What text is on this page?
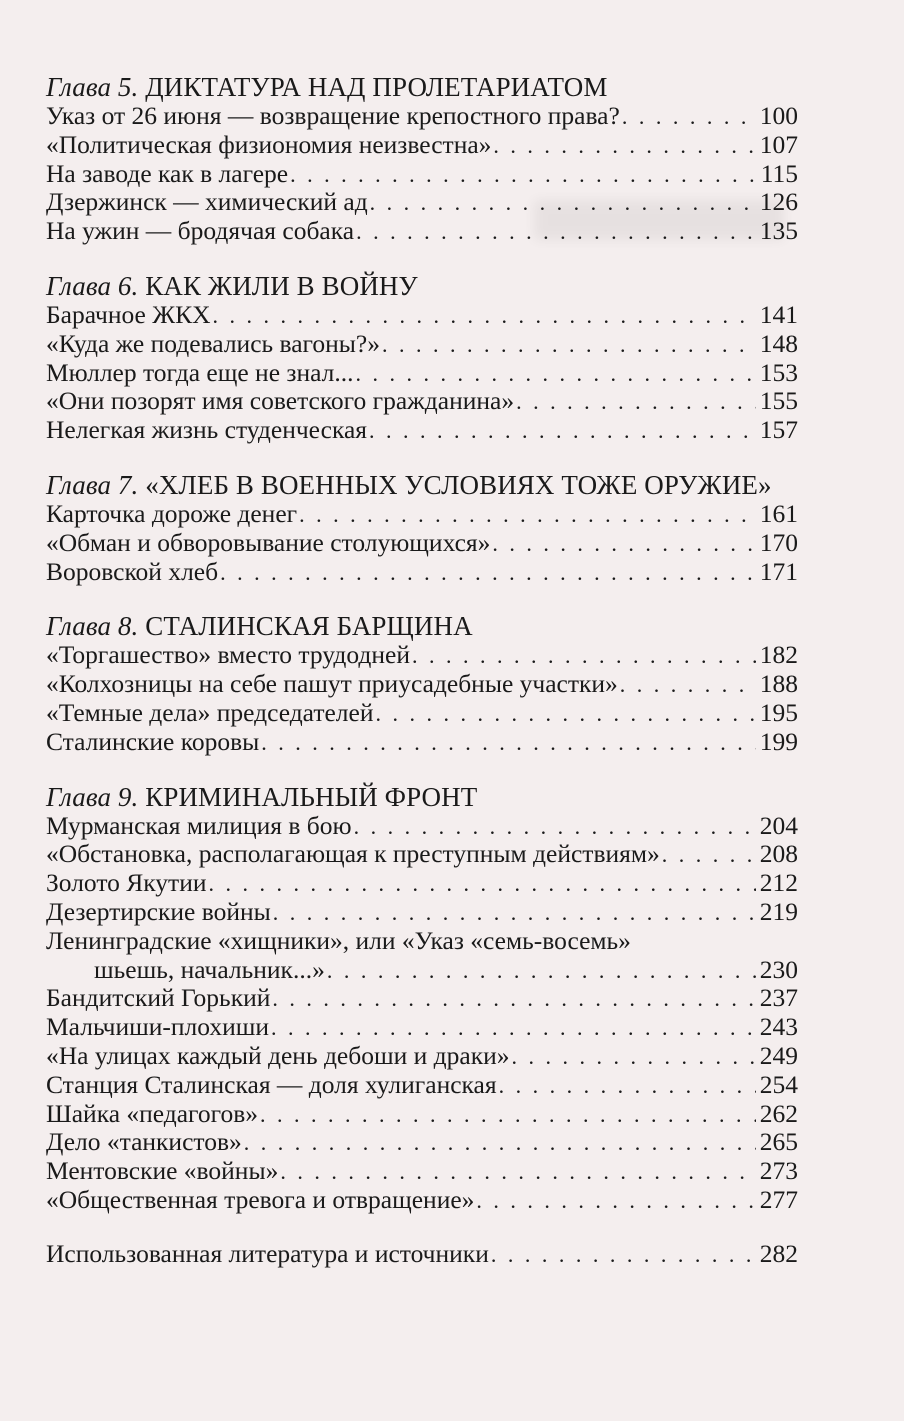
Глава 5. ДИКТАТУРА НАД ПРОЛЕТАРИАТОМ
Указ от 26 июня — возвращение крепостного права? . . .	100
«Политическая физиономия неизвестна» . . .	107
На заводе как в лагере . . .	115
Дзержинск — химический ад . . .	126
На ужин — бродячая собака . . .	135
Глава 6. КАК ЖИЛИ В ВОЙНУ
Барачное ЖКХ . . .	141
«Куда же подевались вагоны?» . . .	148
Мюллер тогда еще не знал... . . .	153
«Они позорят имя советского гражданина» . . .	155
Нелегкая жизнь студенческая . . .	157
Глава 7. «ХЛЕБ В ВОЕННЫХ УСЛОВИЯХ ТОЖЕ ОРУЖИЕ»
Карточка дороже денег . . .	161
«Обман и обворовывание столующихся» . . .	170
Воровской хлеб . . .	171
Глава 8. СТАЛИНСКАЯ БАРЩИНА
«Торгашество» вместо трудодней . . .	182
«Колхозницы на себе пашут приусадебные участки» . . .	188
«Темные дела» председателей . . .	195
Сталинские коровы . . .	199
Глава 9. КРИМИНАЛЬНЫЙ ФРОНТ
Мурманская милиция в бою . . .	204
«Обстановка, располагающая к преступным действиям» . . .	208
Золото Якутии . . .	212
Дезертирские войны . . .	219
Ленинградские «хищники», или «Указ «семь-восемь»
шьешь, начальник...» . . .	230
Бандитский Горький . . .	237
Мальчиши-плохиши . . .	243
«На улицах каждый день дебоши и драки» . . .	249
Станция Сталинская — доля хулиганская . . .	254
Шайка «педагогов» . . .	262
Дело «танкистов» . . .	265
Ментовские «войны» . . .	273
«Общественная тревога и отвращение» . . .	277
Использованная литература и источники . . .	282
